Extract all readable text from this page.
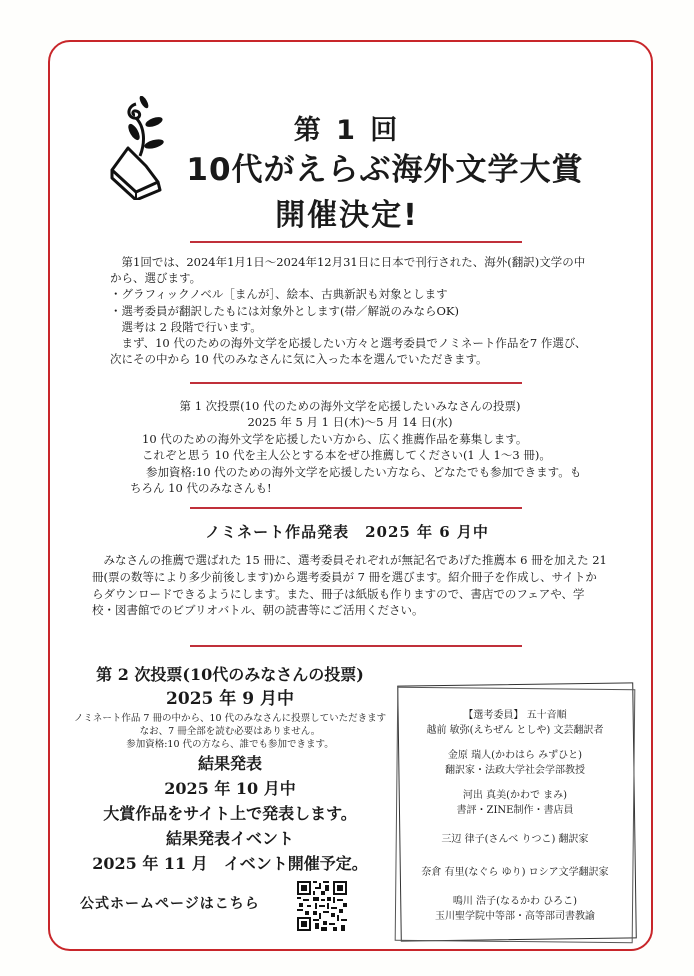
第 1 回
10代がえらぶ海外文学大賞
開催決定!

第1回では、2024年1月1日～2024年12月31日に日本で刊行された、海外(翻訳)文学の中から、選びます。

・グラフィックノベル［まんが］、絵本、古典新訳も対象とします

・選考委員が翻訳したもには対象外とします(帯／解説のみならOK)

選考は 2 段階で行います。

まず、10 代のための海外文学を応援したい方々と選考委員でノミネート作品を7 作選び、次にその中から 10 代のみなさんに気に入った本を選んでいただきます。

第 1 次投票(10 代のための海外文学を応援したいみなさんの投票)

2025 年 5 月 1 日(木)～5 月 14 日(水)

10 代のための海外文学を応援したい方から、広く推薦作品を募集します。

これぞと思う 10 代を主人公とする本をぜひ推薦してください(1 人 1～3 冊)。

参加資格:10 代のための海外文学を応援したい方なら、どなたでも参加できます。もちろん 10 代のみなさんも!

ノミネート作品発表　2025 年 6 月中

みなさんの推薦で選ばれた 15 冊に、選考委員それぞれが無記名であげた推薦本 6 冊を加えた 21 冊(票の数等により多少前後します)から選考委員が 7 冊を選びます。紹介冊子を作成し、サイトからダウンロードできるようにします。また、冊子は紙版も作りますので、書店でのフェアや、学校・図書館でのビブリオバトル、朝の読書等にご活用ください。

第 2 次投票(10代のみなさんの投票)
2025 年 9 月中
ノミネート作品 7 冊の中から、10 代のみなさんに投票していただきます
なお、7 冊全部を読む必要はありません。
参加資格:10 代の方なら、誰でも参加できます。
結果発表
2025 年 10 月中
大賞作品をサイト上で発表します。
結果発表イベント
2025 年 11 月　イベント開催予定。
公式ホームページはこちら

【選考委員】 五十音順

越前 敏弥(えちぜん としや) 文芸翻訳者

金原 瑞人(かわはら みずひと)

翻訳家・法政大学社会学部教授

河出 真美(かわで まみ)

書評・ZINE制作・書店員

三辺 律子(さんべ りつこ) 翻訳家

奈倉 有里(なぐら ゆり) ロシア文学翻訳家

鳴川 浩子(なるかわ ひろこ)

玉川聖学院中等部・高等部司書教諭
